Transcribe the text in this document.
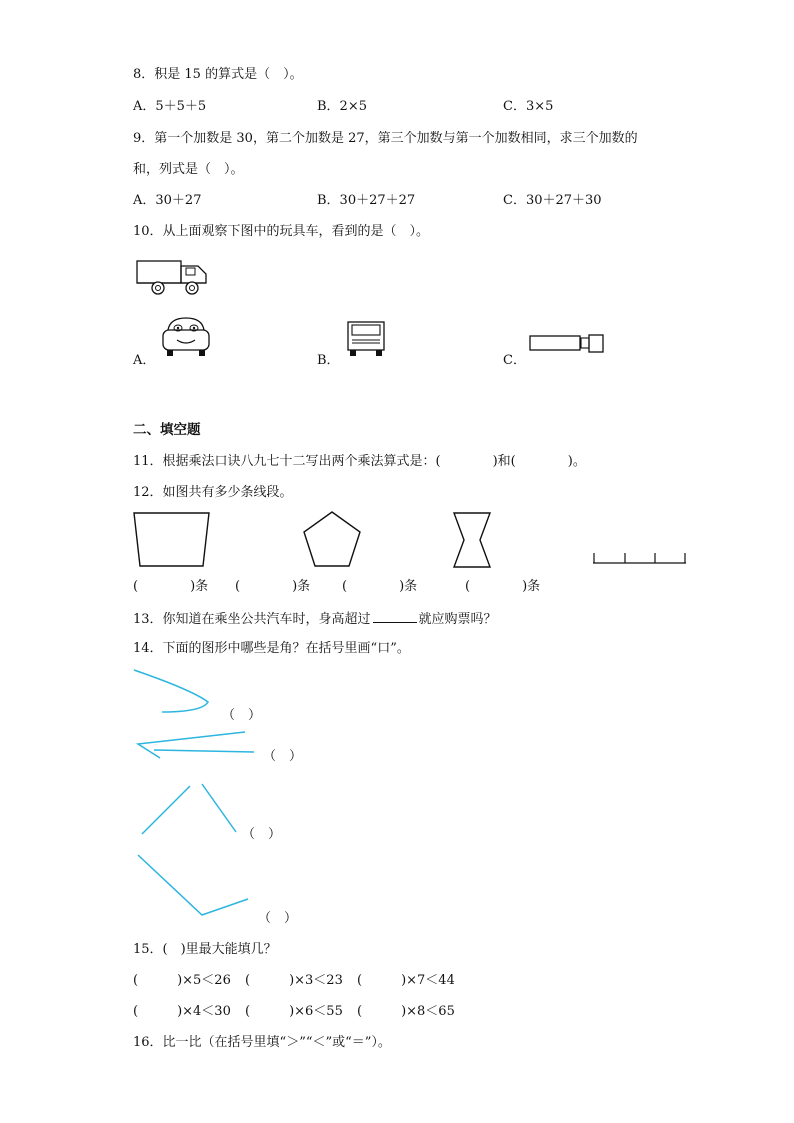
8．积是 15 的算式是（　）。
A．5＋5＋5	B．2×5	C．3×5
9．第一个加数是 30，第二个加数是 27，第三个加数与第一个加数相同，求三个加数的
和，列式是（　）。
A．30＋27	B．30＋27＋27	C．30＋27＋30
10．从上面观察下图中的玩具车，看到的是（　）。
A．	B．	C．
二、填空题
11．根据乘法口诀八九七十二写出两个乘法算式是：(　　　　)和(　　　　)。
12．如图共有多少条线段。
(　　　　)条 (　　　　)条 (　　　　)条	(　　　　)条
13．你知道在乘坐公共汽车时，身高超过	就应购票吗？
14．下面的图形中哪些是角？在括号里画“口”。
（　）
（　）
（　）
（　）
15．(　)里最大能填几？
(　　　)×5＜26 (　　　)×3＜23 (　　　)×7＜44
(　　　)×4＜30 (　　　)×6＜55 (　　　)×8＜65
16．比一比（在括号里填“＞”“＜”或“＝”）。
